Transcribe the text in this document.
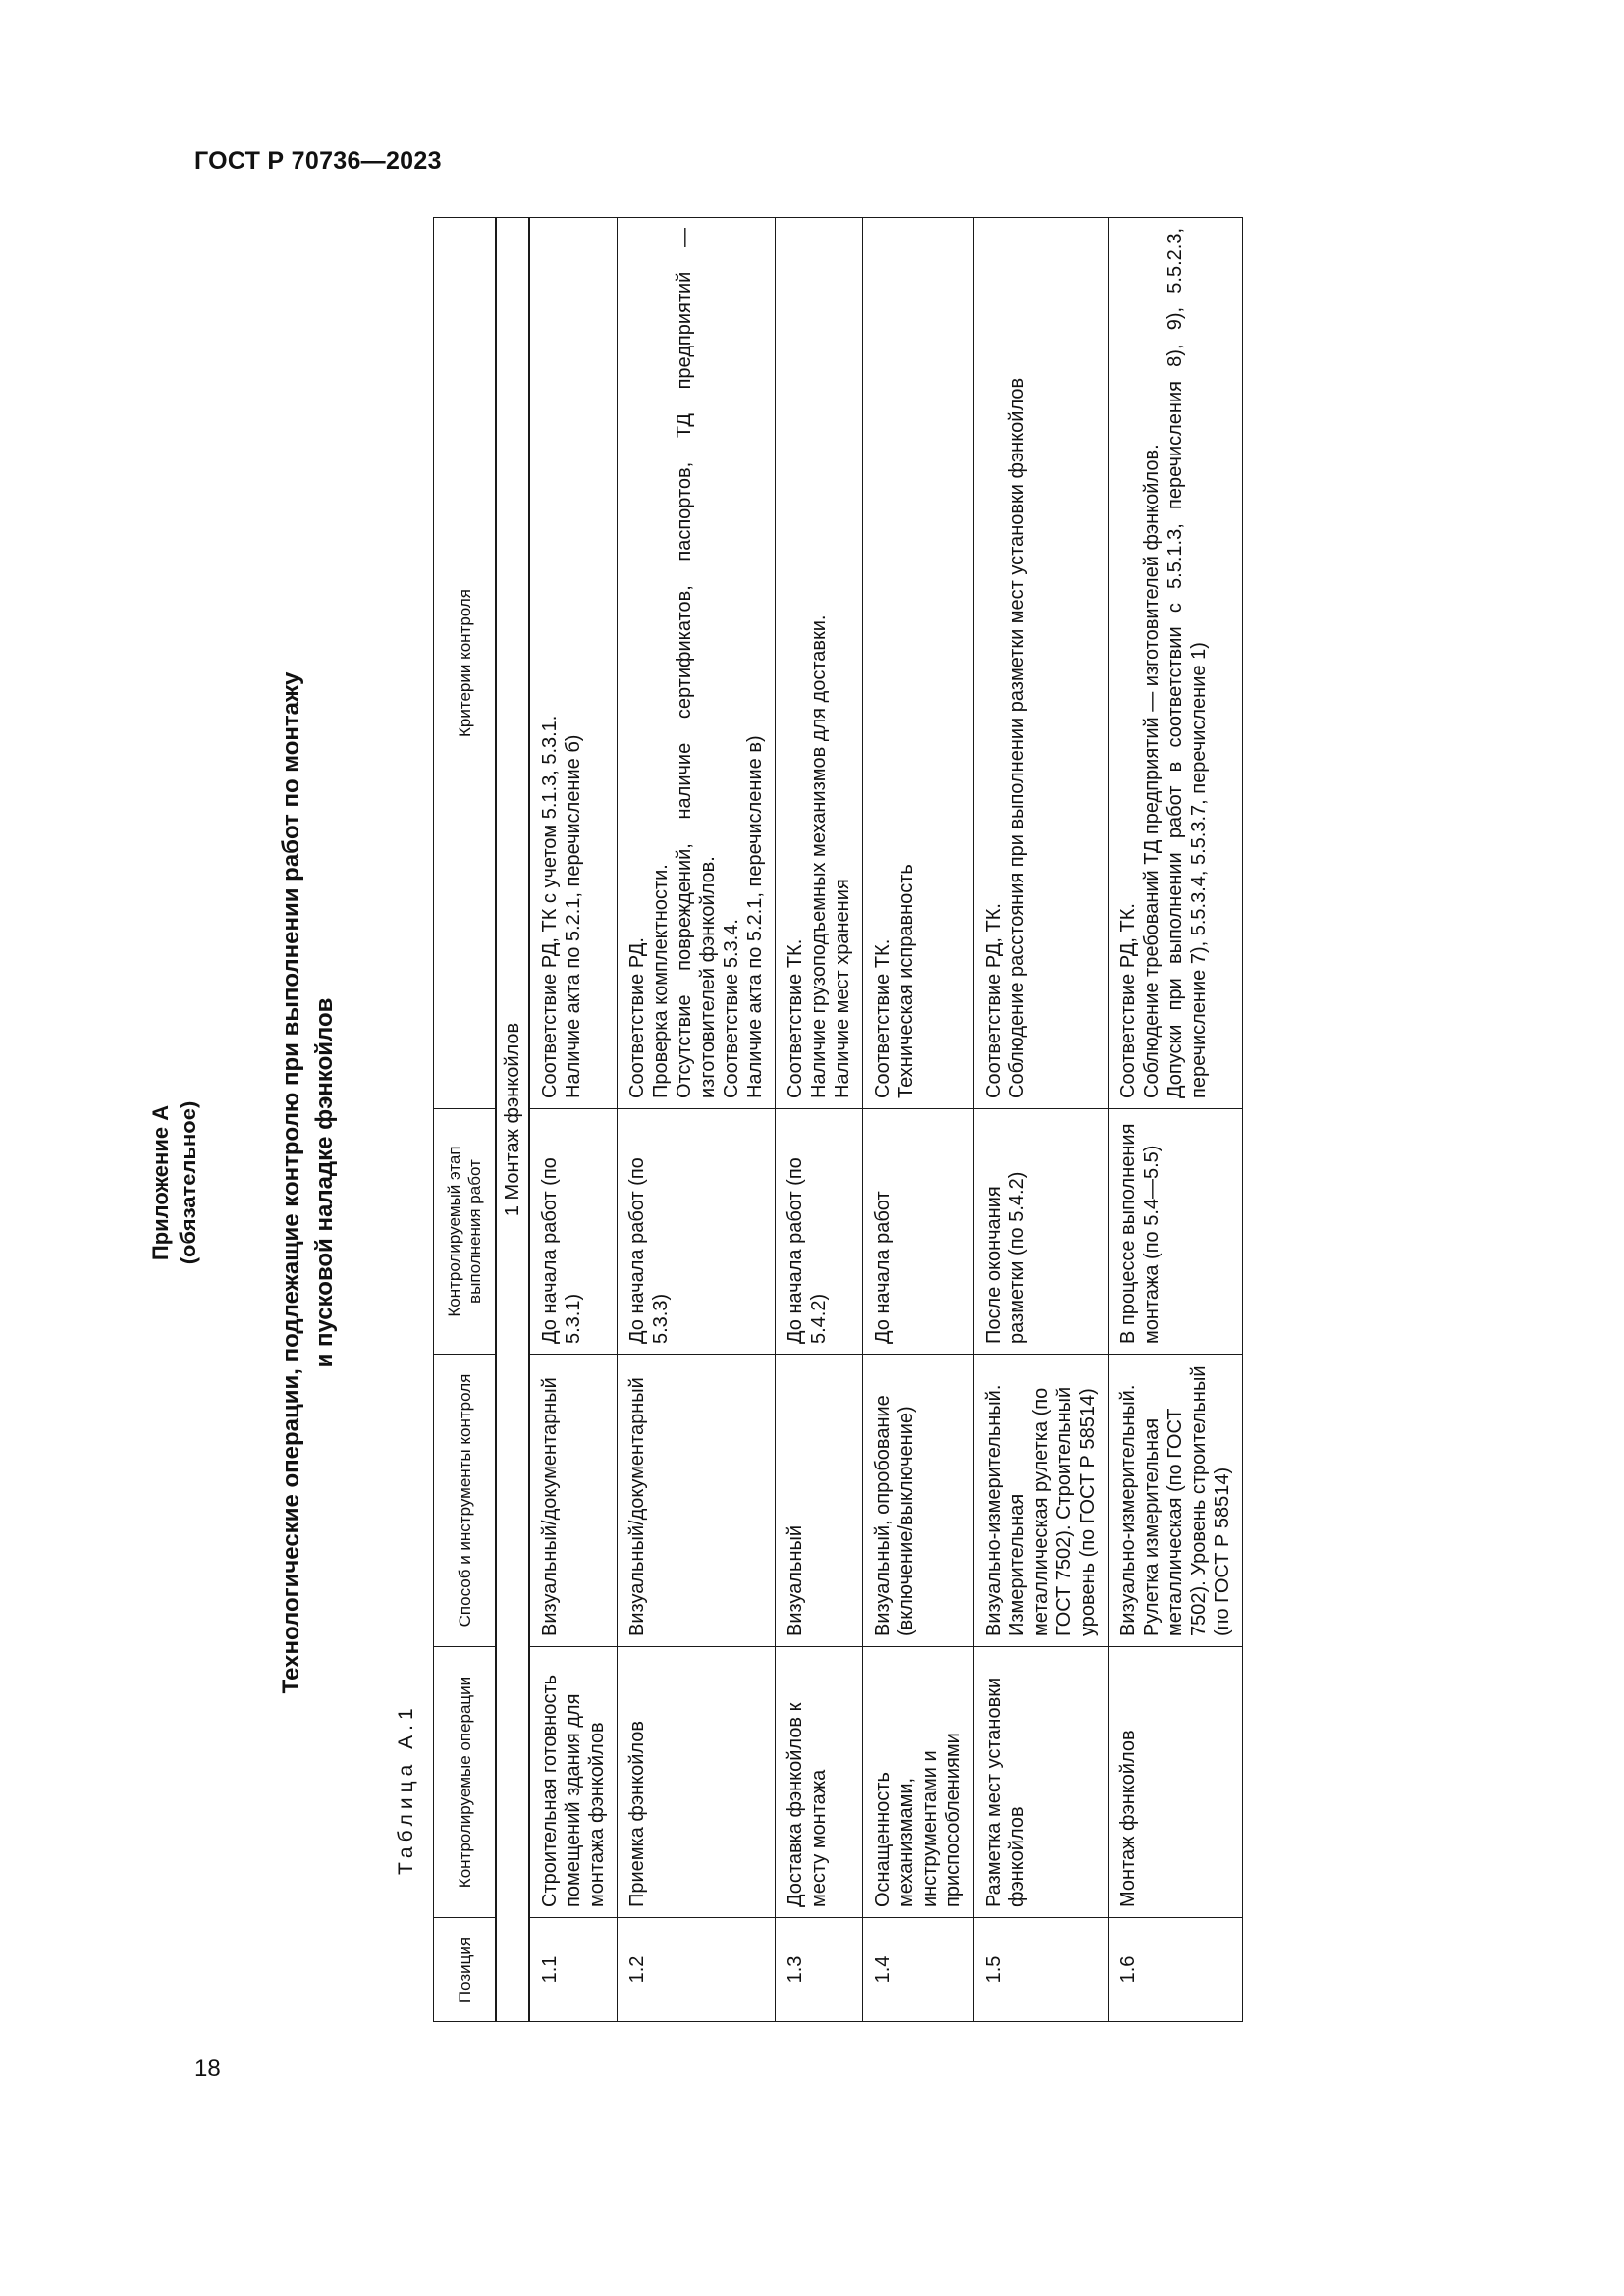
ГОСТ Р 70736—2023
18
Приложение А (обязательное)	Технологические операции, подлежащие контролю при выполнении работ по монтажу и пусковой наладке фэнкойлов
Таблица А.1
Позиция	Контролируемые операции	Способ и инструменты контроля	Контролируемый этап выполнения работ	Критерии контроля
1 Монтаж фэнкойлов				
1.1	Строительная готовность помещений здания для монтажа фэнкойлов	Визуальный/документарный	До начала работ (по 5.3.1)	Соответствие РД, ТК с учетом 5.1.3, 5.3.1. Наличие акта по 5.2.1, перечисление б)

1.2	Приемка фэнкойлов	Визуальный/документарный	До начала работ (по 5.3.3)	Соответствие РД. Проверка комплектности. Отсутствие повреждений, наличие сертификатов, паспортов, ТД предприятий — изготовителей фэнкойлов. Соответствие 5.3.4. Наличие акта по 5.2.1, перечисление в)

1.3	Доставка фэнкойлов к месту монтажа	Визуальный	До начала работ (по 5.4.2)	Соответствие ТК. Наличие грузоподъемных механизмов для доставки. Наличие мест хранения

1.4	Оснащенность механизмами, инструментами и приспособлениями	Визуальный, опробование (включение/выключение)	До начала работ	Соответствие ТК. Техническая исправность

1.5	Разметка мест установки фэнкойлов	Визуально-измерительный. Измерительная металлическая рулетка (по ГОСТ 7502). Строительный уровень (по ГОСТ Р 58514)	После окончания разметки (по 5.4.2)	Соответствие РД, ТК. Соблюдение расстояния при выполнении разметки мест установки фэнкойлов

1.6	Монтаж фэнкойлов	Визуально-измерительный. Рулетка измерительная металлическая (по ГОСТ 7502). Уровень строительный (по ГОСТ Р 58514)	В процессе выполнения монтажа (по 5.4—5.5)	Соответствие РД, ТК. Соблюдение требований ТД предприятий — изготовителей фэнкойлов. Допуски при выполнении работ в соответствии с 5.5.1.3, перечисления 8), 9), 5.5.2.3, перечисление 7), 5.5.3.4, 5.5.3.7, перечисление 1)
